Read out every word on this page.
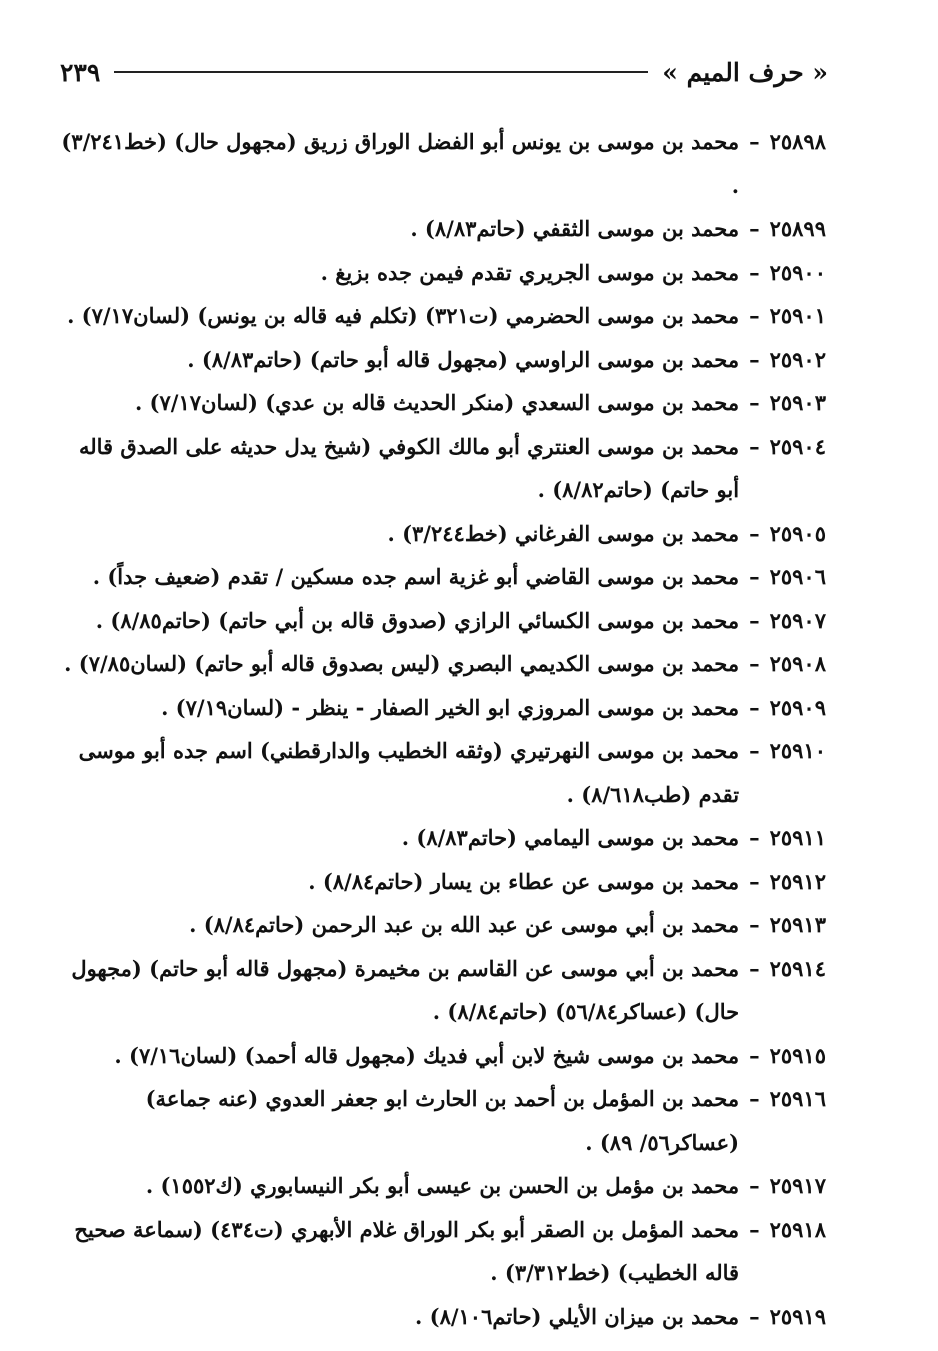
« حرف الميم »
٢٣٩
٢٥٨٩٨
–
محمد بن موسى بن يونس أبو الفضل الوراق زريق (مجهول حال) (خط٣/٢٤١) .
٢٥٨٩٩
–
محمد بن موسى الثقفي (حاتم٨/٨٣) .
٢٥٩٠٠
–
محمد بن موسى الجريري تقدم فيمن جده بزيغ .
٢٥٩٠١
–
محمد بن موسى الحضرمي (ت٣٢١) (تكلم فيه قاله بن يونس) (لسان٧/١٧) .
٢٥٩٠٢
–
محمد بن موسى الراوسي (مجهول قاله أبو حاتم) (حاتم٨/٨٣) .
٢٥٩٠٣
–
محمد بن موسى السعدي (منكر الحديث قاله بن عدي) (لسان٧/١٧) .
٢٥٩٠٤
–
محمد بن موسى العنتري أبو مالك الكوفي (شيخ يدل حديثه على الصدق قاله أبو حاتم) (حاتم٨/٨٢) .
٢٥٩٠٥
–
محمد بن موسى الفرغاني (خط٣/٢٤٤) .
٢٥٩٠٦
–
محمد بن موسى القاضي أبو غزية اسم جده مسكين / تقدم (ضعيف جداً) .
٢٥٩٠٧
–
محمد بن موسى الكسائي الرازي (صدوق قاله بن أبي حاتم) (حاتم٨/٨٥) .
٢٥٩٠٨
–
محمد بن موسى الكديمي البصري (ليس بصدوق قاله أبو حاتم) (لسان٧/٨٥) .
٢٥٩٠٩
–
محمد بن موسى المروزي ابو الخير الصفار - ينظر - (لسان٧/١٩) .
٢٥٩١٠
–
محمد بن موسى النهرتيري (وثقه الخطيب والدارقطني) اسم جده أبو موسى تقدم (طب٨/٦١٨) .
٢٥٩١١
–
محمد بن موسى اليمامي (حاتم٨/٨٣) .
٢٥٩١٢
–
محمد بن موسى عن عطاء بن يسار (حاتم٨/٨٤) .
٢٥٩١٣
–
محمد بن أبي موسى عن عبد الله بن عبد الرحمن (حاتم٨/٨٤) .
٢٥٩١٤
–
محمد بن أبي موسى عن القاسم بن مخيمرة (مجهول قاله أبو حاتم) (مجهول حال) (عساكر٥٦/٨٤) (حاتم٨/٨٤) .
٢٥٩١٥
–
محمد بن موسى شيخ لابن أبي فديك (مجهول قاله أحمد) (لسان٧/١٦) .
٢٥٩١٦
–
محمد بن المؤمل بن أحمد بن الحارث ابو جعفر العدوي (عنه جماعة) (عساكر٥٦/ ٨٩) .
٢٥٩١٧
–
محمد بن مؤمل بن الحسن بن عيسى أبو بكر النيسابوري (ك١٥٥٢) .
٢٥٩١٨
–
محمد المؤمل بن الصقر أبو بكر الوراق غلام الأبهري (ت٤٣٤) (سماعة صحيح قاله الخطيب) (خط٣/٣١٢) .
٢٥٩١٩
–
محمد بن ميزان الأيلي (حاتم٨/١٠٦) .
